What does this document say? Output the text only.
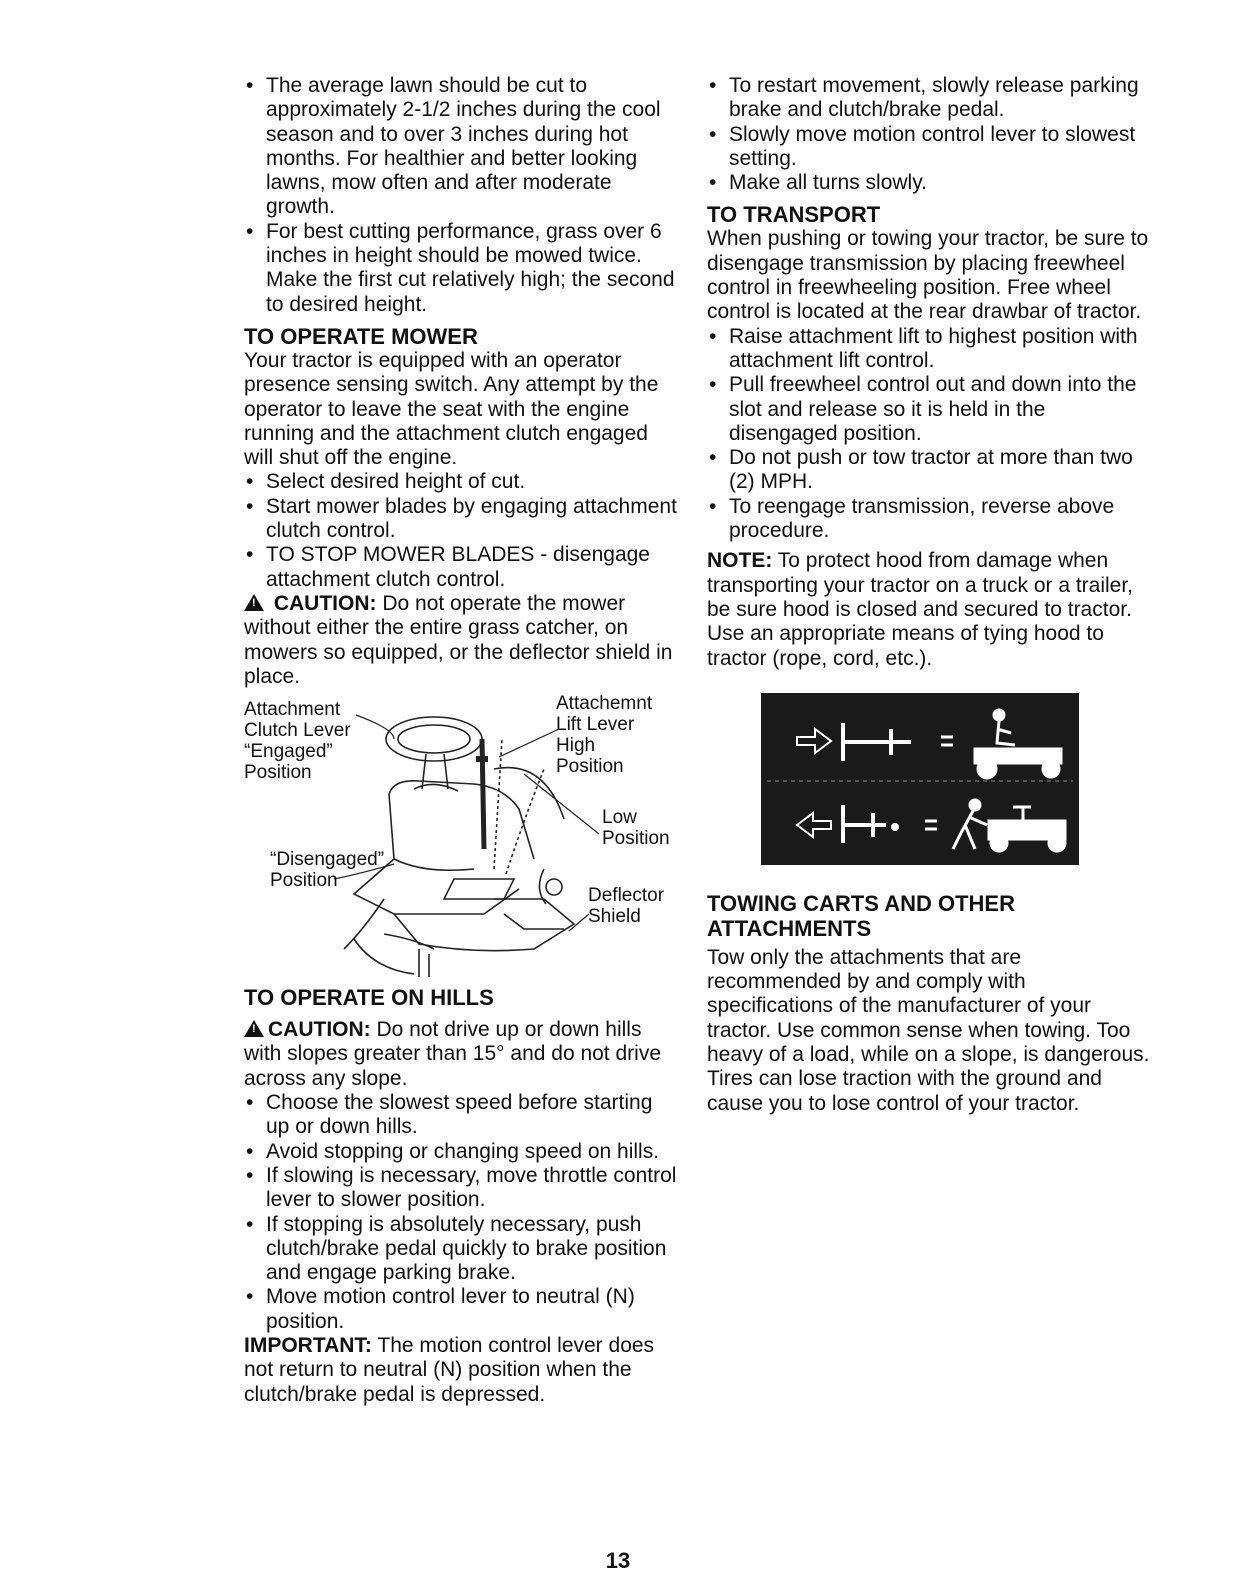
• The average lawn should be cut to approximately 2-1/2 inches during the cool season and to over 3 inches during hot months. For healthier and better looking lawns, mow often and after moderate growth.

• For best cutting performance, grass over 6 inches in height should be mowed twice. Make the first cut relatively high; the second to desired height.

TO OPERATE MOWER

Your tractor is equipped with an operator presence sensing switch. Any attempt by the operator to leave the seat with the engine running and the attachment clutch engaged will shut off the engine.

• Select desired height of cut.

• Start mower blades by engaging attachment clutch control.

• TO STOP MOWER BLADES - disengage attachment clutch control.

! CAUTION: Do not operate the mower without either the entire grass catcher, on mowers so equipped, or the deflector shield in place.

Attachment
Clutch Lever
“Engaged”
Position
Attachemnt
Lift Lever
High
Position
Low
Position
“Disengaged”
Position
Deflector
Shield
TO OPERATE ON HILLS

!CAUTION: Do not drive up or down hills with slopes greater than 15° and do not drive across any slope.

• Choose the slowest speed before starting up or down hills.

• Avoid stopping or changing speed on hills.

• If slowing is necessary, move throttle control lever to slower position.

• If stopping is absolutely necessary, push clutch/brake pedal quickly to brake position and engage parking brake.

• Move motion control lever to neutral (N) position.

IMPORTANT: The motion control lever does not return to neutral (N) position when the clutch/brake pedal is depressed.

• To restart movement, slowly release parking brake and clutch/brake pedal.

• Slowly move motion control lever to slowest setting.

• Make all turns slowly.

TO TRANSPORT

When pushing or towing your tractor, be sure to disengage transmission by placing freewheel control in freewheeling position. Free wheel control is located at the rear drawbar of tractor.

• Raise attachment lift to highest position with attachment lift control.

• Pull freewheel control out and down into the slot and release so it is held in the disengaged position.

• Do not push or tow tractor at more than two (2) MPH.

• To reengage transmission, reverse above procedure.

NOTE: To protect hood from damage when transporting your tractor on a truck or a trailer, be sure hood is closed and secured to tractor. Use an appropriate means of tying hood to tractor (rope, cord, etc.).

TOWING CARTS AND OTHER ATTACHMENTS

Tow only the attachments that are recommended by and comply with specifications of the manufacturer of your tractor. Use common sense when towing. Too heavy of a load, while on a slope, is dangerous. Tires can lose traction with the ground and cause you to lose control of your tractor.

13
